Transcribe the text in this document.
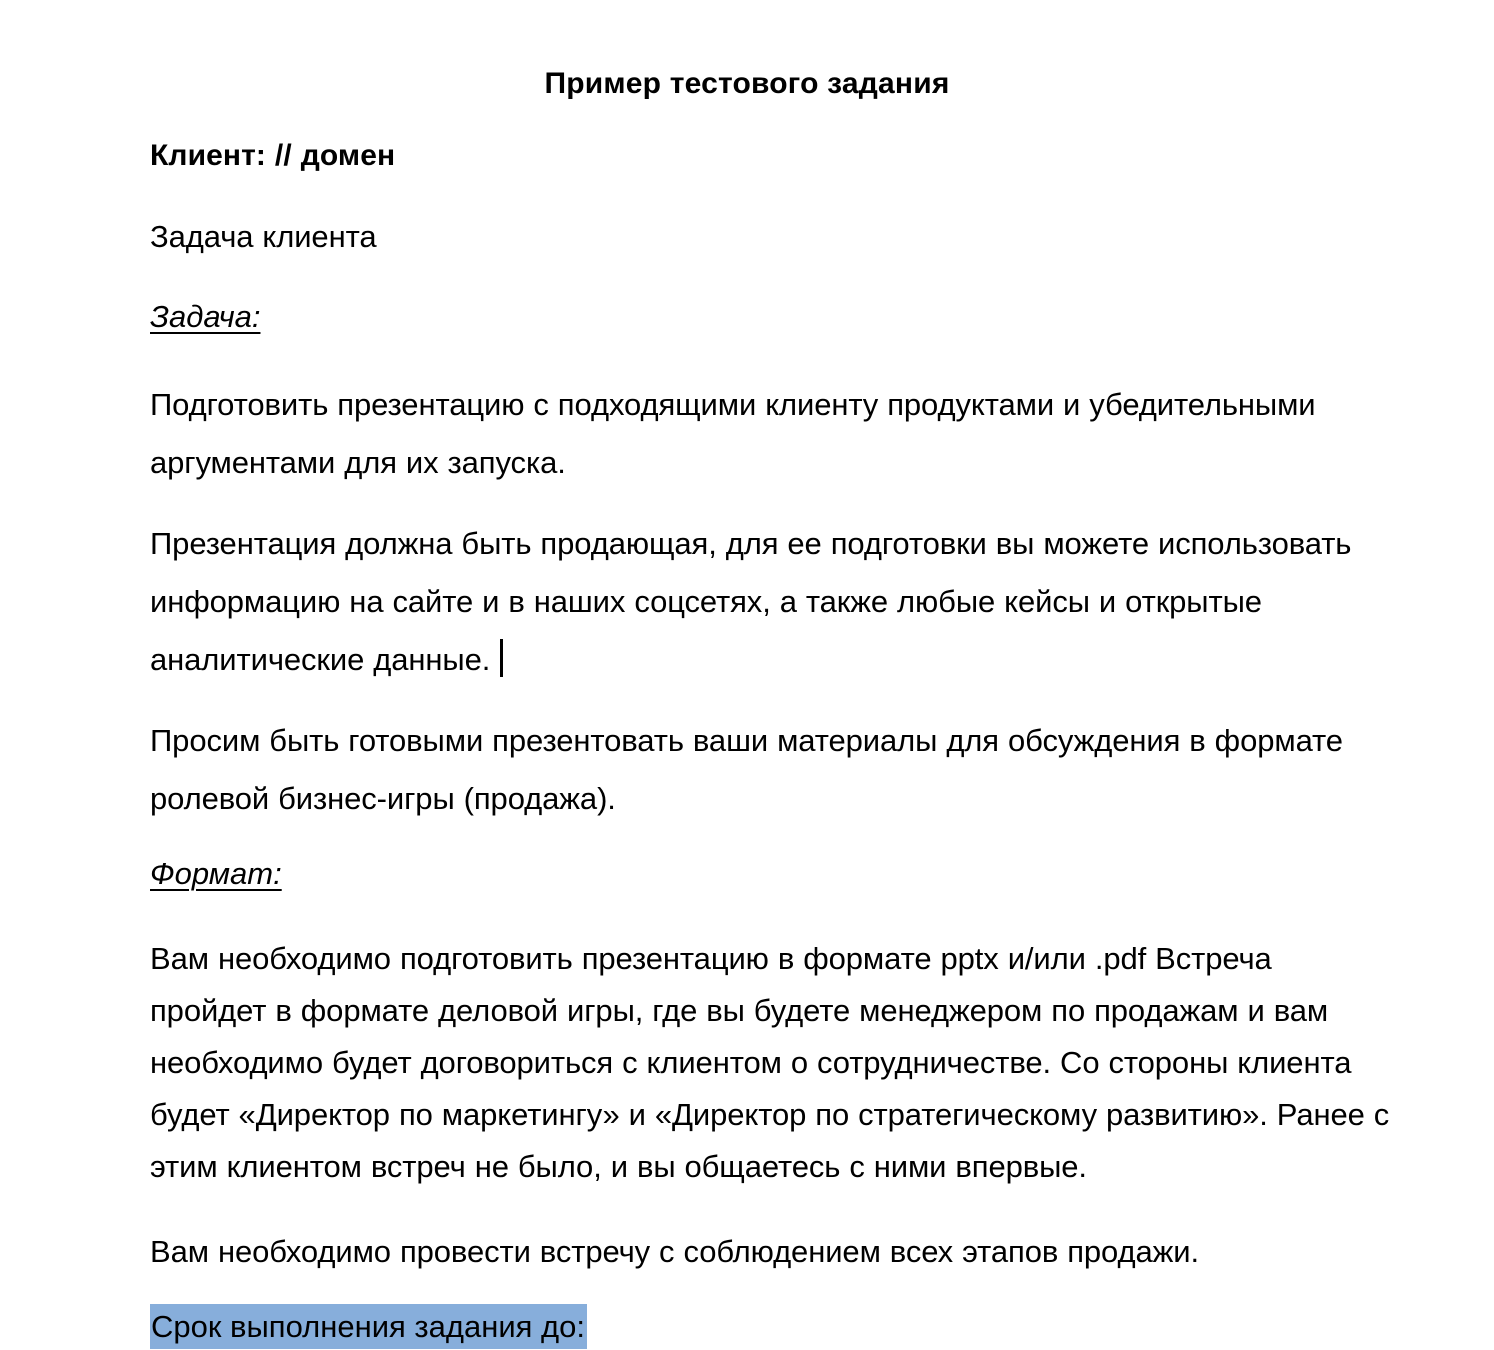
Пример тестового задания

Клиент: // домен

Задача клиента

Задача:

Подготовить презентацию с подходящими клиенту продуктами и убедительными аргументами для их запуска.

Презентация должна быть продающая, для ее подготовки вы можете использовать информацию на сайте и в наших соцсетях, а также любые кейсы и открытые аналитические данные.

Просим быть готовыми презентовать ваши материалы для обсуждения в формате ролевой бизнес-игры (продажа).

Формат:

Вам необходимо подготовить презентацию в формате pptx и/или .pdf Встреча пройдет в формате деловой игры, где вы будете менеджером по продажам и вам необходимо будет договориться с клиентом о сотрудничестве. Со стороны клиента будет «Директор по маркетингу» и «Директор по стратегическому развитию». Ранее с этим клиентом встреч не было, и вы общаетесь с ними впервые.

Вам необходимо провести встречу с соблюдением всех этапов продажи.

Срок выполнения задания до:
